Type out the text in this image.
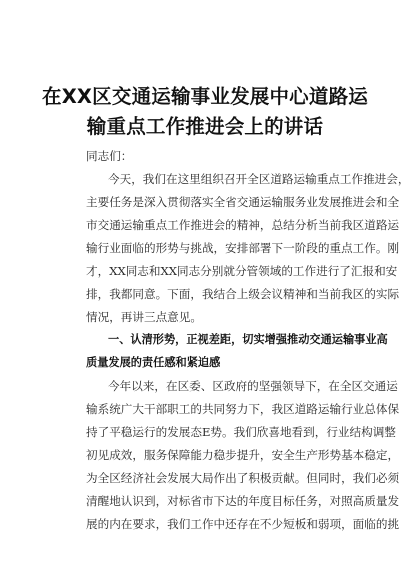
在XX区交通运输事业发展中心道路运
输重点工作推进会上的讲话
同志们：
今天，我们在这里组织召开全区道路运输重点工作推进会，
主要任务是深入贯彻落实全省交通运输服务业发展推进会和全
市交通运输重点工作推进会的精神，总结分析当前我区道路运
输行业面临的形势与挑战，安排部署下一阶段的重点工作。刚
才，XX同志和XX同志分别就分管领域的工作进行了汇报和安
排，我都同意。下面，我结合上级会议精神和当前我区的实际
情况，再讲三点意见。
一、认清形势，正视差距，切实增强推动交通运输事业高
质量发展的责任感和紧迫感
今年以来，在区委、区政府的坚强领导下，在全区交通运
输系统广大干部职工的共同努力下，我区道路运输行业总体保
持了平稳运行的发展态E势。我们欣喜地看到，行业结构调整
初见成效，服务保障能力稳步提升，安全生产形势基本稳定，
为全区经济社会发展大局作出了积极贡献。但同时，我们必须
清醒地认识到，对标省市下达的年度目标任务，对照高质量发
展的内在要求，我们工作中还存在不少短板和弱项，面临的挑
